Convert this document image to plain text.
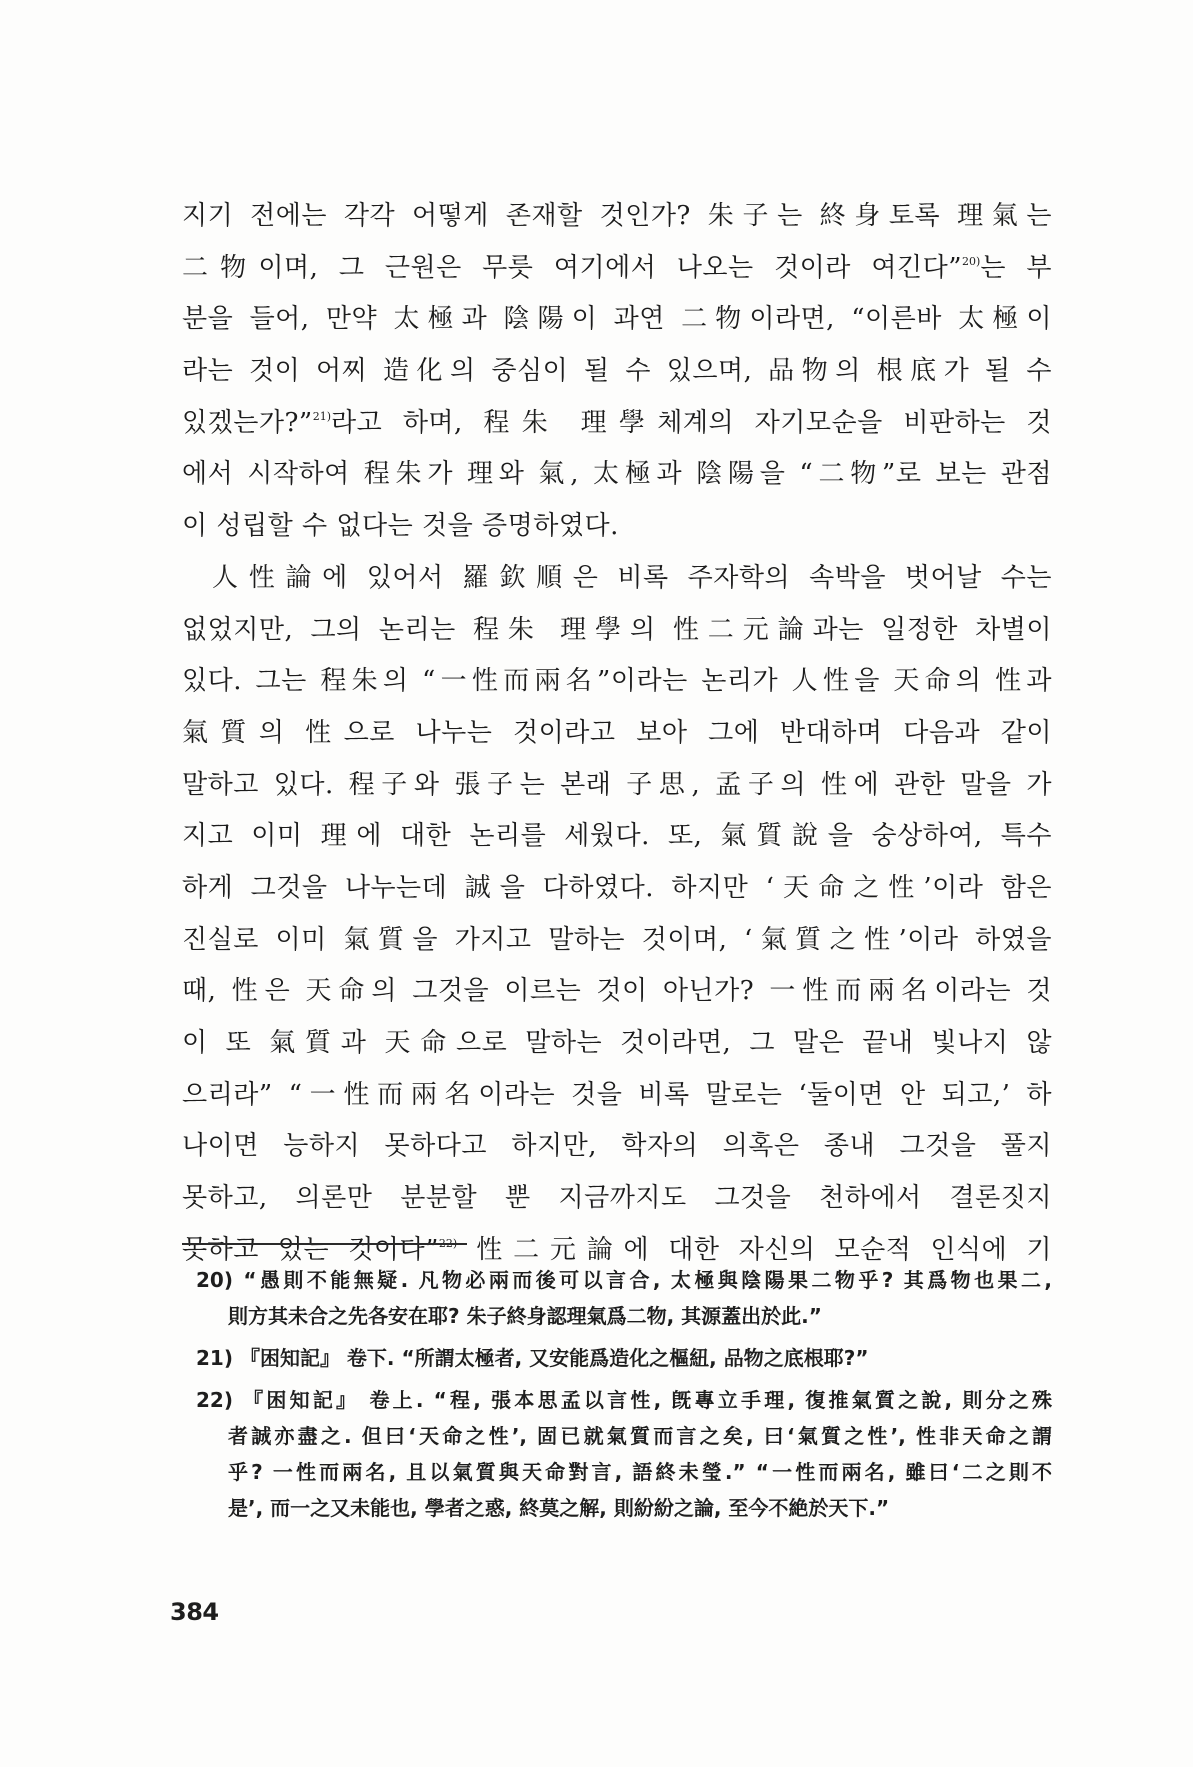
지기 전에는 각각 어떻게 존재할 것인가? 朱子는 終身토록 理氣는
二物이며, 그 근원은 무릇 여기에서 나오는 것이라 여긴다”$^{20)}$는 부
분을 들어, 만약 太極과 陰陽이 과연 二物이라면, “이른바 太極이
라는 것이 어찌 造化의 중심이 될 수 있으며, 品物의 根底가 될 수
있겠는가?”$^{21)}$라고 하며, 程朱 理學체계의 자기모순을 비판하는 것
에서 시작하여 程朱가 理와 氣, 太極과 陰陽을 “二物”로 보는 관점
이 성립할 수 없다는 것을 증명하였다.
人性論에 있어서 羅欽順은 비록 주자학의 속박을 벗어날 수는
없었지만, 그의 논리는 程朱 理學의 性二元論과는 일정한 차별이
있다. 그는 程朱의 “一性而兩名”이라는 논리가 人性을 天命의 性과
氣質의 性으로 나누는 것이라고 보아 그에 반대하며 다음과 같이
말하고 있다. 程子와 張子는 본래 子思, 孟子의 性에 관한 말을 가
지고 이미 理에 대한 논리를 세웠다. 또, 氣質說을 숭상하여, 특수
하게 그것을 나누는데 誠을 다하였다. 하지만 ‘天命之性’이라 함은
진실로 이미 氣質을 가지고 말하는 것이며, ‘氣質之性’이라 하였을
때, 性은 天命의 그것을 이르는 것이 아닌가? 一性而兩名이라는 것
이 또 氣質과 天命으로 말하는 것이라면, 그 말은 끝내 빛나지 않
으리라” “一性而兩名이라는 것을 비록 말로는 ‘둘이면 안 되고,’ 하
나이면 능하지 못하다고 하지만, 학자의 의혹은 종내 그것을 풀지
못하고, 의론만 분분할 뿐 지금까지도 그것을 천하에서 결론짓지
못하고 있는 것이다”$^{22)}$ 性二元論에 대한 자신의 모순적 인식에 기
20) “愚則不能無疑. 凡物必兩而後可以言合, 太極與陰陽果二物乎? 其爲物也果二,
則方其未合之先各安在耶? 朱子終身認理氣爲二物, 其源蓋出於此.”
21) 『困知記』 卷下. “所謂太極者, 又安能爲造化之樞紐, 品物之底根耶?”
22) 『困知記』 卷上. “程, 張本思孟以言性, 旣專立手理, 復推氣質之說, 則分之殊
者誠亦盡之. 但曰‘天命之性’, 固已就氣質而言之矣, 曰‘氣質之性’, 性非天命之謂
乎? 一性而兩名, 且以氣質與天命對言, 語終未瑩.” “一性而兩名, 雖曰‘二之則不
是’, 而一之又未能也, 學者之惑, 終莫之解, 則紛紛之論, 至今不絶於天下.”
384
